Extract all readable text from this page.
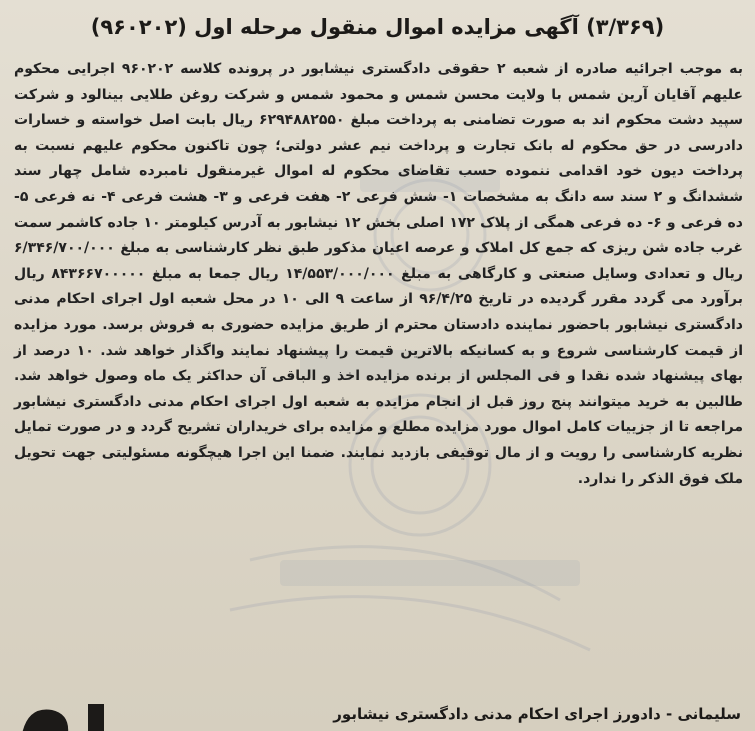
(۳/۳۶۹) آگهی مزایده اموال منقول مرحله اول (۹۶۰۲۰۲)
به موجب اجرائیه صادره از شعبه ۲ حقوقی دادگستری نیشابور در پرونده کلاسه ۹۶۰۲۰۲ اجرایی محکوم علیهم آقایان آرین شمس با ولایت محسن شمس و محمود شمس و شرکت روغن طلایی بینالود و شرکت سپید دشت محکوم اند به صورت تضامنی به پرداخت مبلغ ۶۲۹۴۸۸۲۵۵۰ ریال بابت اصل خواسته و خسارات دادرسی در حق محکوم له بانک تجارت و پرداخت نیم عشر دولتی؛ چون تاکنون محکوم علیهم نسبت به پرداخت دیون خود اقدامی ننموده حسب تقاضای محکوم له اموال غیرمنقول نامبرده شامل چهار سند ششدانگ و ۲ سند سه دانگ به مشخصات ۱- شش فرعی ۲- هفت فرعی و ۳- هشت فرعی ۴- نه فرعی ۵- ده فرعی و ۶- ده فرعی همگی از پلاک ۱۷۲ اصلی بخش ۱۲ نیشابور به آدرس کیلومتر ۱۰ جاده کاشمر سمت غرب جاده شن ریزی که جمع کل املاک و عرصه اعیان مذکور طبق نظر کارشناسی به مبلغ ۶/۳۴۶/۷۰۰/۰۰۰ ریال و تعدادی وسایل صنعتی و کارگاهی به مبلغ ۱۴/۵۵۳/۰۰۰/۰۰۰ ریال جمعا به مبلغ ۸۴۳۶۶۷۰۰۰۰۰ ریال برآورد می گردد مقرر گردیده در تاریخ ۹۶/۴/۲۵ از ساعت ۹ الی ۱۰ در محل شعبه اول اجرای احکام مدنی دادگستری نیشابور باحضور نماینده دادستان محترم از طریق مزایده حضوری به فروش برسد. مورد مزایده از قیمت کارشناسی شروع و به کسانیکه بالاترین قیمت را پیشنهاد نمایند واگذار خواهد شد. ۱۰ درصد از بهای پیشنهاد شده نقدا و فی المجلس از برنده مزایده اخذ و الباقی آن حداکثر یک ماه وصول خواهد شد. طالبین به خرید میتوانند پنج روز قبل از انجام مزایده به شعبه اول اجرای احکام مدنی دادگستری نیشابور مراجعه تا از جزییات کامل اموال مورد مزایده مطلع و مزایده برای خریداران تشریح گردد و در صورت تمایل نظریه کارشناسی را رویت و از مال توقیفی بازدید نمایند. ضمنا این اجرا هیچگونه مسئولیتی جهت تحویل ملک فوق الذکر را ندارد.
سلیمانی - دادورز اجرای احکام مدنی دادگستری نیشابور
